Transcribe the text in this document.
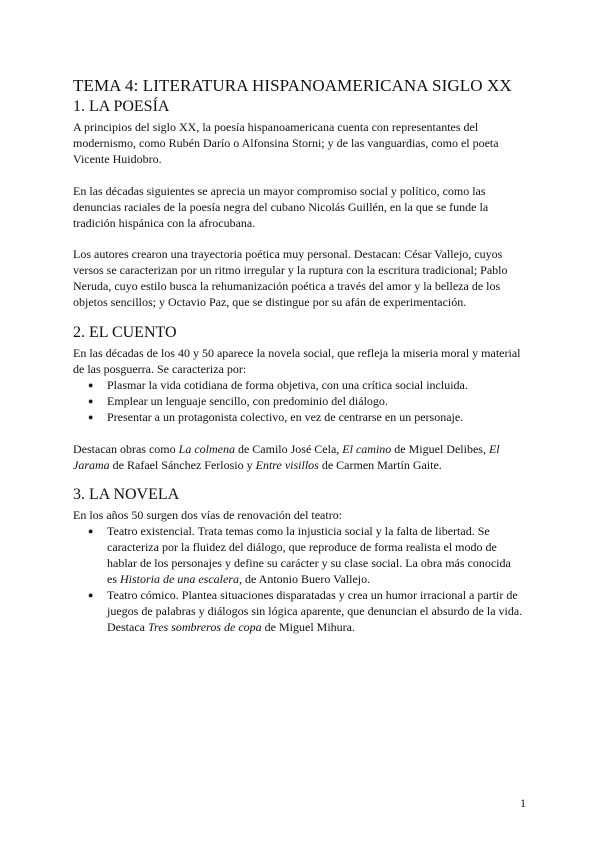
TEMA 4: LITERATURA HISPANOAMERICANA SIGLO XX
1. LA POESÍA
A principios del siglo XX, la poesía hispanoamericana cuenta con representantes del
modernismo, como Rubén Darío o Alfonsina Storni; y de las vanguardias, como el poeta
Vicente Huidobro.
En las décadas siguientes se aprecia un mayor compromiso social y político, como las
denuncias raciales de la poesía negra del cubano Nicolás Guillén, en la que se funde la
tradición hispánica con la afrocubana.
Los autores crearon una trayectoria poética muy personal. Destacan: César Vallejo, cuyos
versos se caracterizan por un ritmo irregular y la ruptura con la escritura tradicional; Pablo
Neruda, cuyo estilo busca la rehumanización poética a través del amor y la belleza de los
objetos sencillos; y Octavio Paz, que se distingue por su afán de experimentación.
2. EL CUENTO
En las décadas de los 40 y 50 aparece la novela social, que refleja la miseria moral y material
de las posguerra. Se caracteriza por:
● Plasmar la vida cotidiana de forma objetiva, con una crítica social incluida.
● Emplear un lenguaje sencillo, con predominio del diálogo.
● Presentar a un protagonista colectivo, en vez de centrarse en un personaje.
Destacan obras como La colmena de Camilo José Cela, El camino de Miguel Delibes, El
Jarama de Rafael Sánchez Ferlosio y Entre visillos de Carmen Martín Gaite.
3. LA NOVELA
En los años 50 surgen dos vías de renovación del teatro:
● Teatro existencial. Trata temas como la injusticia social y la falta de libertad. Se
caracteriza por la fluidez del diálogo, que reproduce de forma realista el modo de
hablar de los personajes y define su carácter y su clase social. La obra más conocida
es Historia de una escalera, de Antonio Buero Vallejo.
● Teatro cómico. Plantea situaciones disparatadas y crea un humor irracional a partir de
juegos de palabras y diálogos sin lógica aparente, que denuncian el absurdo de la vida.
Destaca Tres sombreros de copa de Miguel Mihura.
1
